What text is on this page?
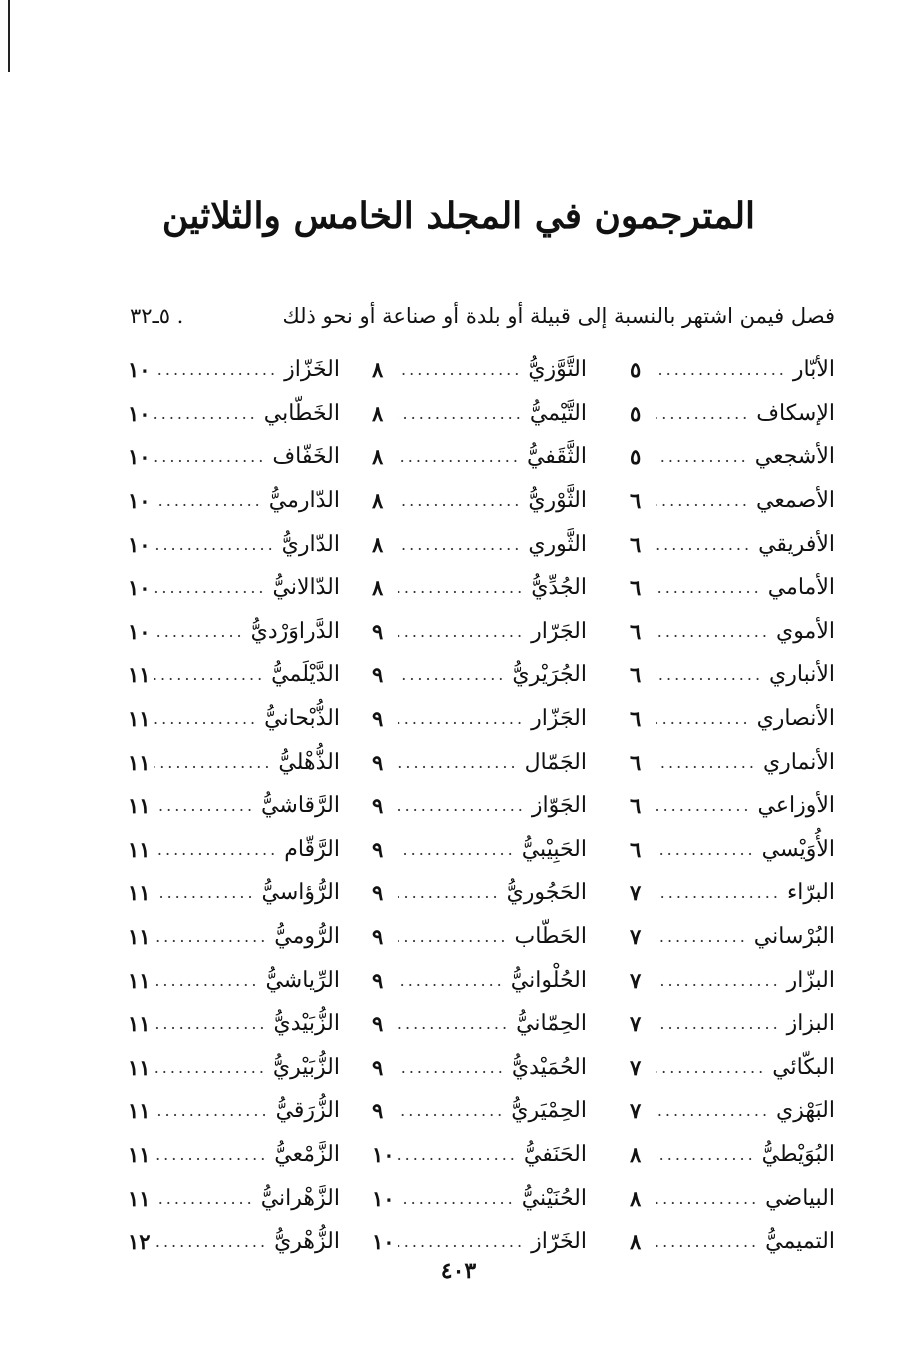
المترجمون في المجلد الخامس والثلاثين
فصل فيمن اشتهر بالنسبة إلى قبيلة أو بلدة أو صناعة أو نحو ذلك
. ٥ـ٣٢
الأبّار
.....
٥
الإسكاف
.....
٥
الأشجعي
.....
٥
الأصمعي
.....
٦
الأفريقي
.....
٦
الأمامي
.....
٦
الأموي
.....
٦
الأنباري
.....
٦
الأنصاري
.....
٦
الأنماري
.....
٦
الأوزاعي
.....
٦
الأُوَيْسي
.....
٦
البرّاء
.....
٧
البُرْساني
.....
٧
البزّار
.....
٧
البزاز
.....
٧
البكّائي
.....
٧
البَهْزي
.....
٧
البُوَيْطيُّ
.....
٨
البياضي
.....
٨
التميميُّ
.....
٨
التَّوَّزيُّ
.....
٨
التَّيْميُّ
.....
٨
الثَّقَفيُّ
.....
٨
الثَّوْريُّ
.....
٨
الثَّوري
.....
٨
الجُدِّيُّ
.....
٨
الجَرّار
.....
٩
الجُرَيْريُّ
.....
٩
الجَزّار
.....
٩
الجَمّال
.....
٩
الجَوّاز
.....
٩
الحَبِيْبيُّ
.....
٩
الحَجُوريُّ
.....
٩
الحَطّاب
.....
٩
الحُلْوانيُّ
.....
٩
الحِمّانيُّ
.....
٩
الحُمَيْديُّ
.....
٩
الحِمْيَريُّ
.....
٩
الحَنَفيُّ
.....
١٠
الحُنَيْنيُّ
.....
١٠
الخَرّاز
.....
١٠
الخَزّاز
.....
١٠
الخَطّابي
.....
١٠
الخَفّاف
.....
١٠
الدّارميُّ
.....
١٠
الدّاريُّ
.....
١٠
الدّالانيُّ
.....
١٠
الدَّراوَرْديُّ
.....
١٠
الدَّيْلَميُّ
.....
١١
الذُّبْحانيُّ
.....
١١
الذُّهْليُّ
.....
١١
الرَّقاشيُّ
.....
١١
الرَّقّام
.....
١١
الرُّؤاسيُّ
.....
١١
الرُّوميُّ
.....
١١
الرِّياشيُّ
.....
١١
الزُّبَيْديُّ
.....
١١
الزُّبَيْريُّ
.....
١١
الزُّرَقيُّ
.....
١١
الزَّمْعيُّ
.....
١١
الزَّهْرانيُّ
.....
١١
الزُّهْريُّ
.....
١٢
٤٠٣
